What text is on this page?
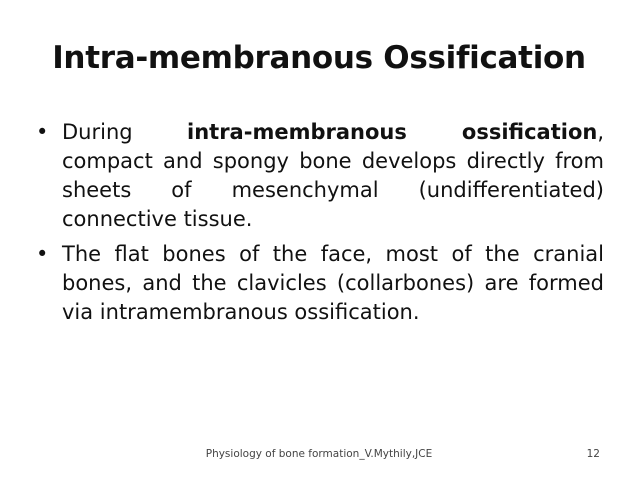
Intra-membranous Ossification
• During intra-membranous ossification, compact and spongy bone develops directly from sheets of mesenchymal (undifferentiated) connective tissue.
• The flat bones of the face, most of the cranial bones, and the clavicles (collarbones) are formed via intramembranous ossification.
Physiology of bone formation_V.Mythily,JCE	12
